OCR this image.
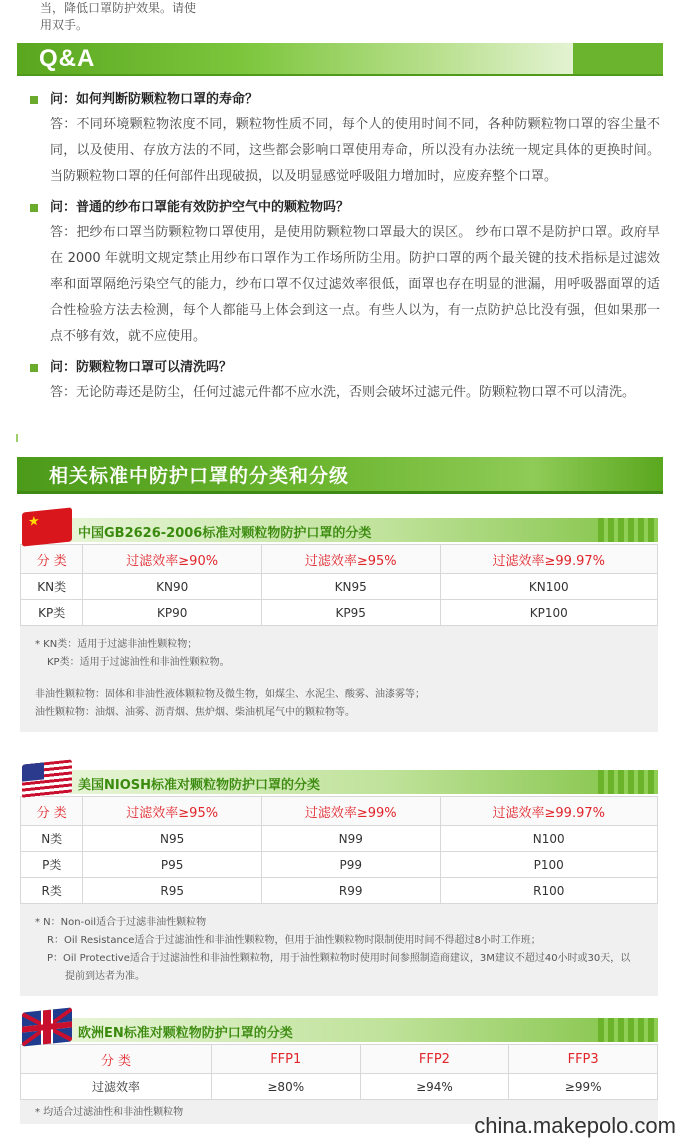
当，降低口罩防护效果。请使
用双手。
Q&A
问：如何判断防颗粒物口罩的寿命？
答：不同环境颗粒物浓度不同，颗粒物性质不同，每个人的使用时间不同，各种防颗粒物口罩的容尘量不同，以及使用、存放方法的不同，这些都会影响口罩使用寿命，所以没有办法统一规定具体的更换时间。当防颗粒物口罩的任何部件出现破损，以及明显感觉呼吸阻力增加时，应废弃整个口罩。
问：普通的纱布口罩能有效防护空气中的颗粒物吗？
答：把纱布口罩当防颗粒物口罩使用，是使用防颗粒物口罩最大的误区。 纱布口罩不是防护口罩。政府早在 2000 年就明文规定禁止用纱布口罩作为工作场所防尘用。防护口罩的两个最关键的技术指标是过滤效率和面罩隔绝污染空气的能力，纱布口罩不仅过滤效率很低，面罩也存在明显的泄漏，用呼吸器面罩的适合性检验方法去检测，每个人都能马上体会到这一点。有些人以为，有一点防护总比没有强，但如果那一点不够有效，就不应使用。
问：防颗粒物口罩可以清洗吗？
答：无论防毒还是防尘，任何过滤元件都不应水洗，否则会破坏过滤元件。防颗粒物口罩不可以清洗。
相关标准中防护口罩的分类和分级
★
中国GB2626-2006标准对颗粒物防护口罩的分类
分 类	过滤效率≥90%	过滤效率≥95%	过滤效率≥99.97%
KN类	KN90	KN95	KN100
KP类	KP90	KP95	KP100
* KN类：适用于过滤非油性颗粒物；
KP类：适用于过滤油性和非油性颗粒物。
非油性颗粒物：固体和非油性液体颗粒物及微生物，如煤尘、水泥尘、酸雾、油漆雾等；
油性颗粒物：油烟、油雾、沥青烟、焦炉烟、柴油机尾气中的颗粒物等。
美国NIOSH标准对颗粒物防护口罩的分类
分 类	过滤效率≥95%	过滤效率≥99%	过滤效率≥99.97%
N类	N95	N99	N100
P类	P95	P99	P100
R类	R95	R99	R100
* N：Non-oil适合于过滤非油性颗粒物
R：Oil Resistance适合于过滤油性和非油性颗粒物，但用于油性颗粒物时限制使用时间不得超过8小时工作班；
P：Oil Protective适合于过滤油性和非油性颗粒物，用于油性颗粒物时使用时间参照制造商建议，3M建议不超过40小时或30天，以
提前到达者为准。
欧洲EN标准对颗粒物防护口罩的分类
分 类	FFP1	FFP2	FFP3
过滤效率	≥80%	≥94%	≥99%
* 均适合过滤油性和非油性颗粒物
china.makepolo.com
